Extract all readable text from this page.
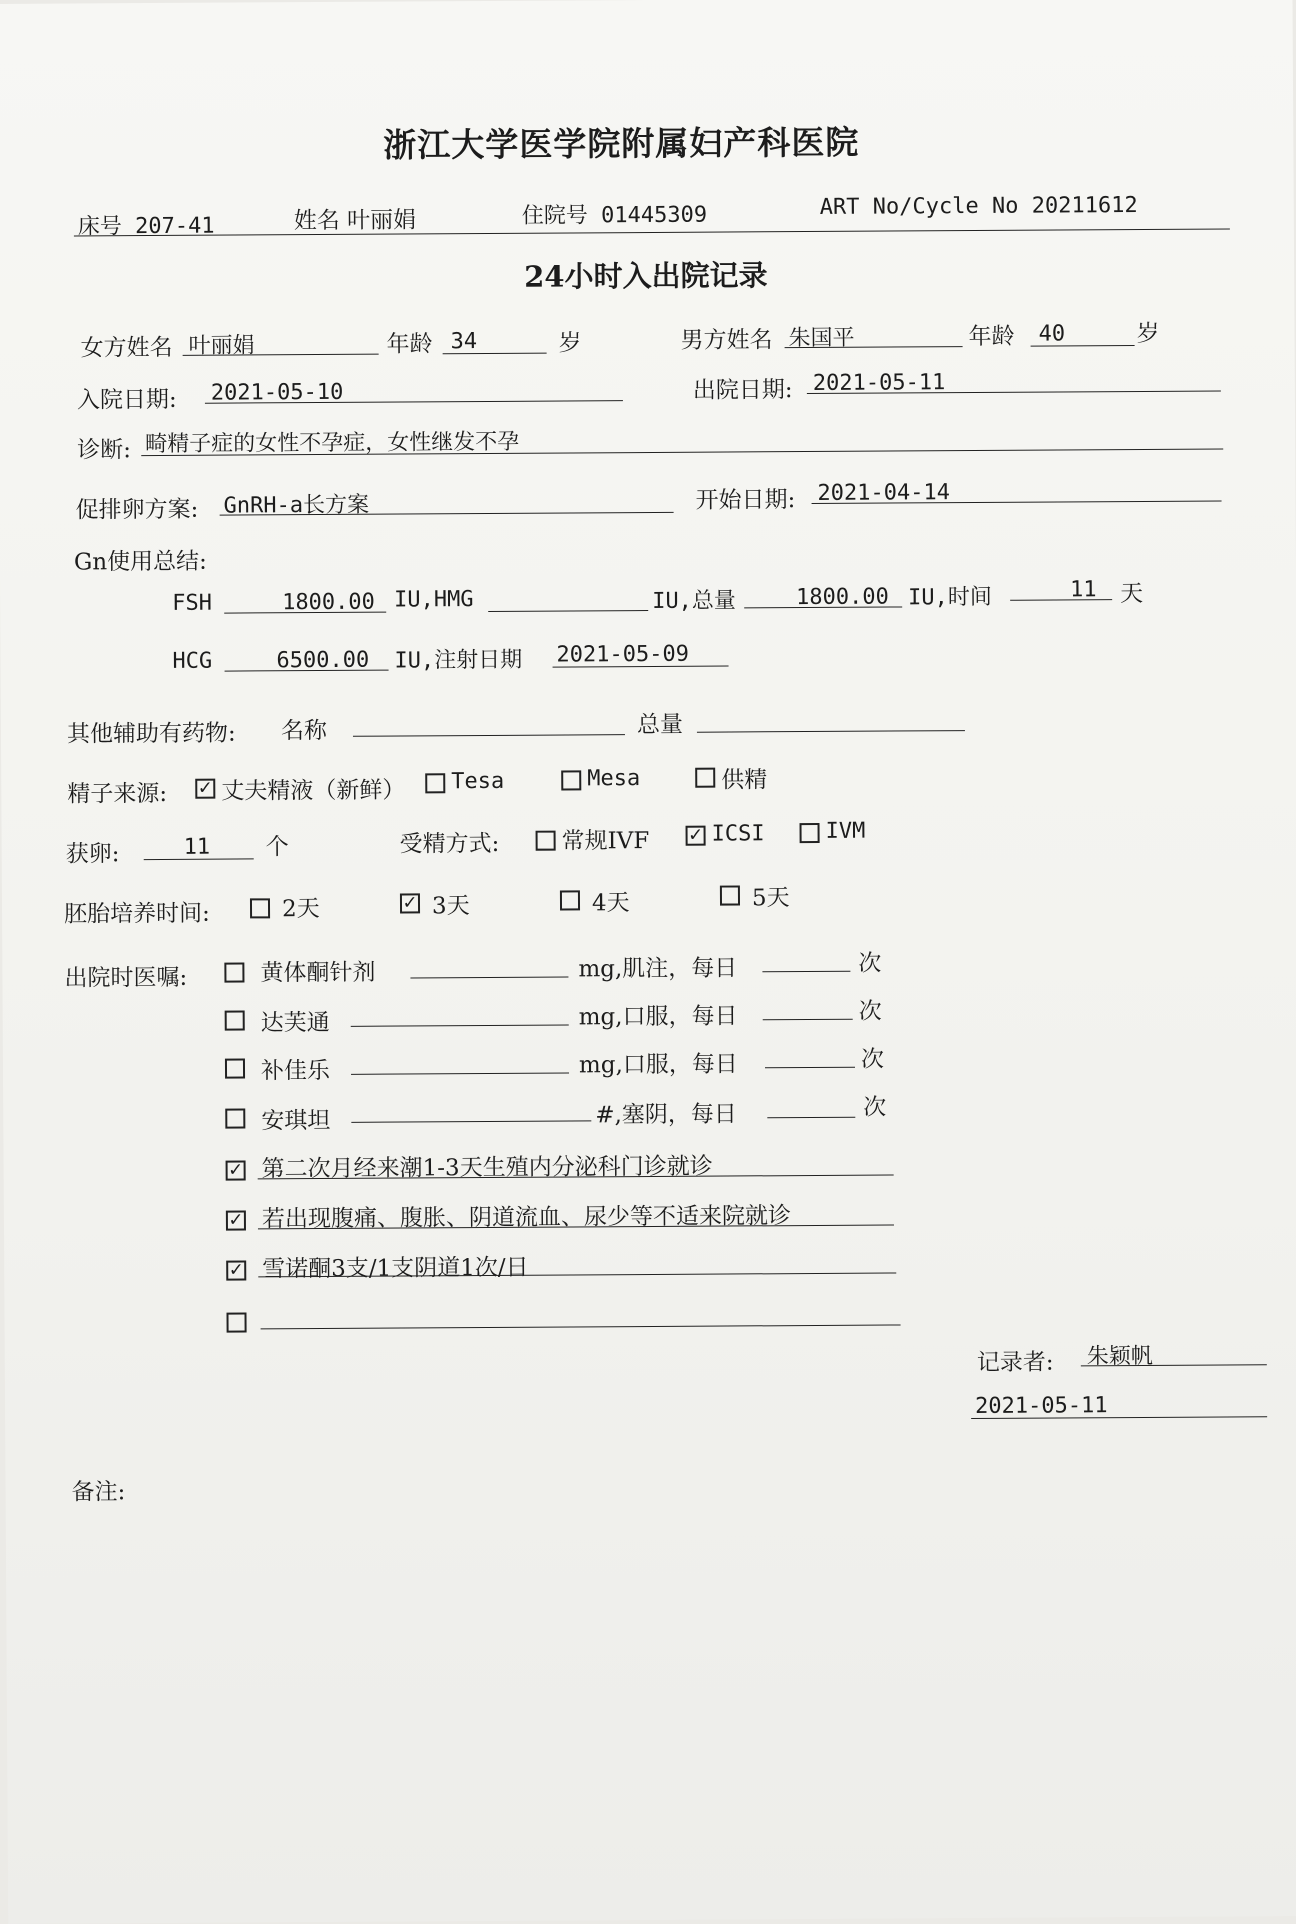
浙江大学医学院附属妇产科医院
床号 207-41	姓名 叶丽娟	住院号 01445309	ART No/Cycle No 20211612
24小时入出院记录
女方姓名 叶丽娟	年龄 34	岁	男方姓名 朱国平	年龄 40	岁
入院日期: 2021-05-10	出院日期: 2021-05-11
诊断: 畸精子症的女性不孕症，女性继发不孕
促排卵方案: GnRH-a长方案	开始日期: 2021-04-14
Gn使用总结:
FSH	1800.00 IU,HMG	IU,总量	1800.00 IU,时间	11 天
HCG	6500.00 IU,注射日期 2021-05-09
其他辅助有药物: 名称	总量
精子来源: ✓ 丈夫精液（新鲜） Tesa	Mesa	供精
获卵:	11 个	受精方式:	常规IVF ✓	ICSI	IVM
胚胎培养时间:	2天 ✓	3天	4天	5天
出院时医嘱:	黄体酮针剂	mg,肌注，每日	次
达芙通	mg,口服，每日	次
补佳乐	mg,口服，每日	次
安琪坦	#,塞阴，每日	次
✓
第二次月经来潮1-3天生殖内分泌科门诊就诊
✓
若出现腹痛、腹胀、阴道流血、尿少等不适来院就诊
✓
雪诺酮3支/1支阴道1次/日
记录者: 朱颖帆
2021-05-11
备注:
